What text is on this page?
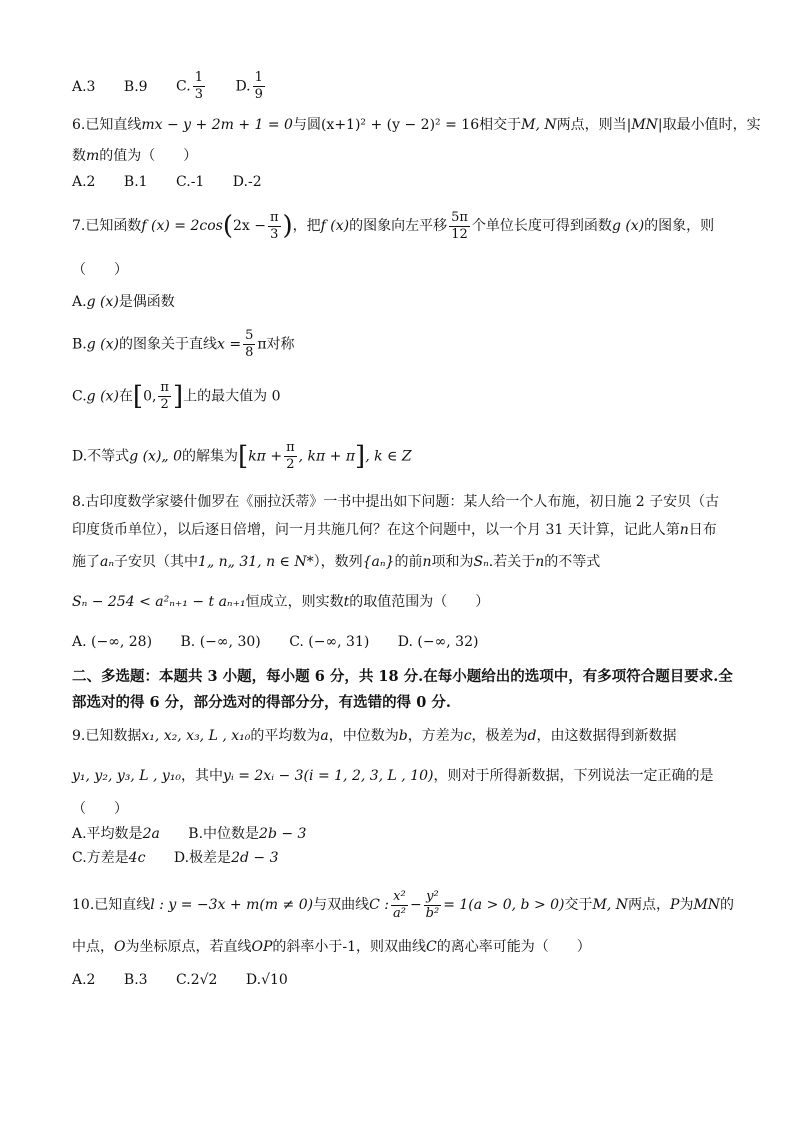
A.3 B.9 C. $\frac{1}{3} D$. $\frac{1}{9}$
6.已知直线mx − y + 2m + 1 = 0与圆(x+1)² + (y − 2)² = 16相交于M, N两点，则当|MN|取最小值时，实
数m的值为（　　）
A.2 B.1 C.-1 D.-2
7.已知函数f $(x) = 2\cos(2x - \frac{\pi}{3}$ )，把f (x)的图象向左平移 $\frac{5\pi}{12}$ 个单位长度可得到函数g (x)的图象，则
（　　）
A.g (x)是偶函数
B.g (x)的图象关于直线$x = \frac{5}{8}$ π对称
C.g (x)在[0, $\frac{\pi}{2}$ ]上的最大值为 0
D.不等式g (x)„ 0的解集为[$k\pi + \frac{\pi}{2}$ , kπ + π], k ∈ Z
8.古印度数学家婆什伽罗在《丽拉沃蒂》一书中提出如下问题：某人给一个人布施，初日施 2 子安贝（古
印度货币单位），以后逐日倍增，问一月共施几何？在这个问题中，以一个月 31 天计算，记此人第n日布
施了aₙ子安贝（其中1„ n„ 31, n ∈ N*），数列{aₙ}的前n项和为Sₙ.若关于n的不等式
Sₙ − 254 < a²ₙ₊₁ − t aₙ₊₁恒成立，则实数t的取值范围为（　　）
A. (−∞, 28) B. (−∞, 30) C. (−∞, 31) D. (−∞, 32)
二、多选题：本题共 3 小题，每小题 6 分，共 18 分.在每小题给出的选项中，有多项符合题目要求.全部选对的得 6 分，部分选对的得部分分，有选错的得 0 分.
9.已知数据x₁, x₂, x₃, L , x₁₀的平均数为a，中位数为b，方差为c，极差为d，由这数据得到新数据
y₁, y₂, y₃, L , y₁₀，其中yᵢ = 2xᵢ − 3(i = 1, 2, 3, L , 10)，则对于所得新数据，下列说法一定正确的是
（　　）
A.平均数是2a B.中位数是2b − 3
C.方差是4c D.极差是2d − 3
10.已知直线l : y = −3x + m(m ≠ 0)与双曲线C : $\frac{\text{x²}}{\text{a²}} - \frac{\text{y²}}{\text{b²}} = 1(a > 0$, b > 0)交于M, N两点，P为MN的
中点，O为坐标原点，若直线OP的斜率小于-1，则双曲线C的离心率可能为（　　）
A.2 B.3 C.2√2 D.√10
